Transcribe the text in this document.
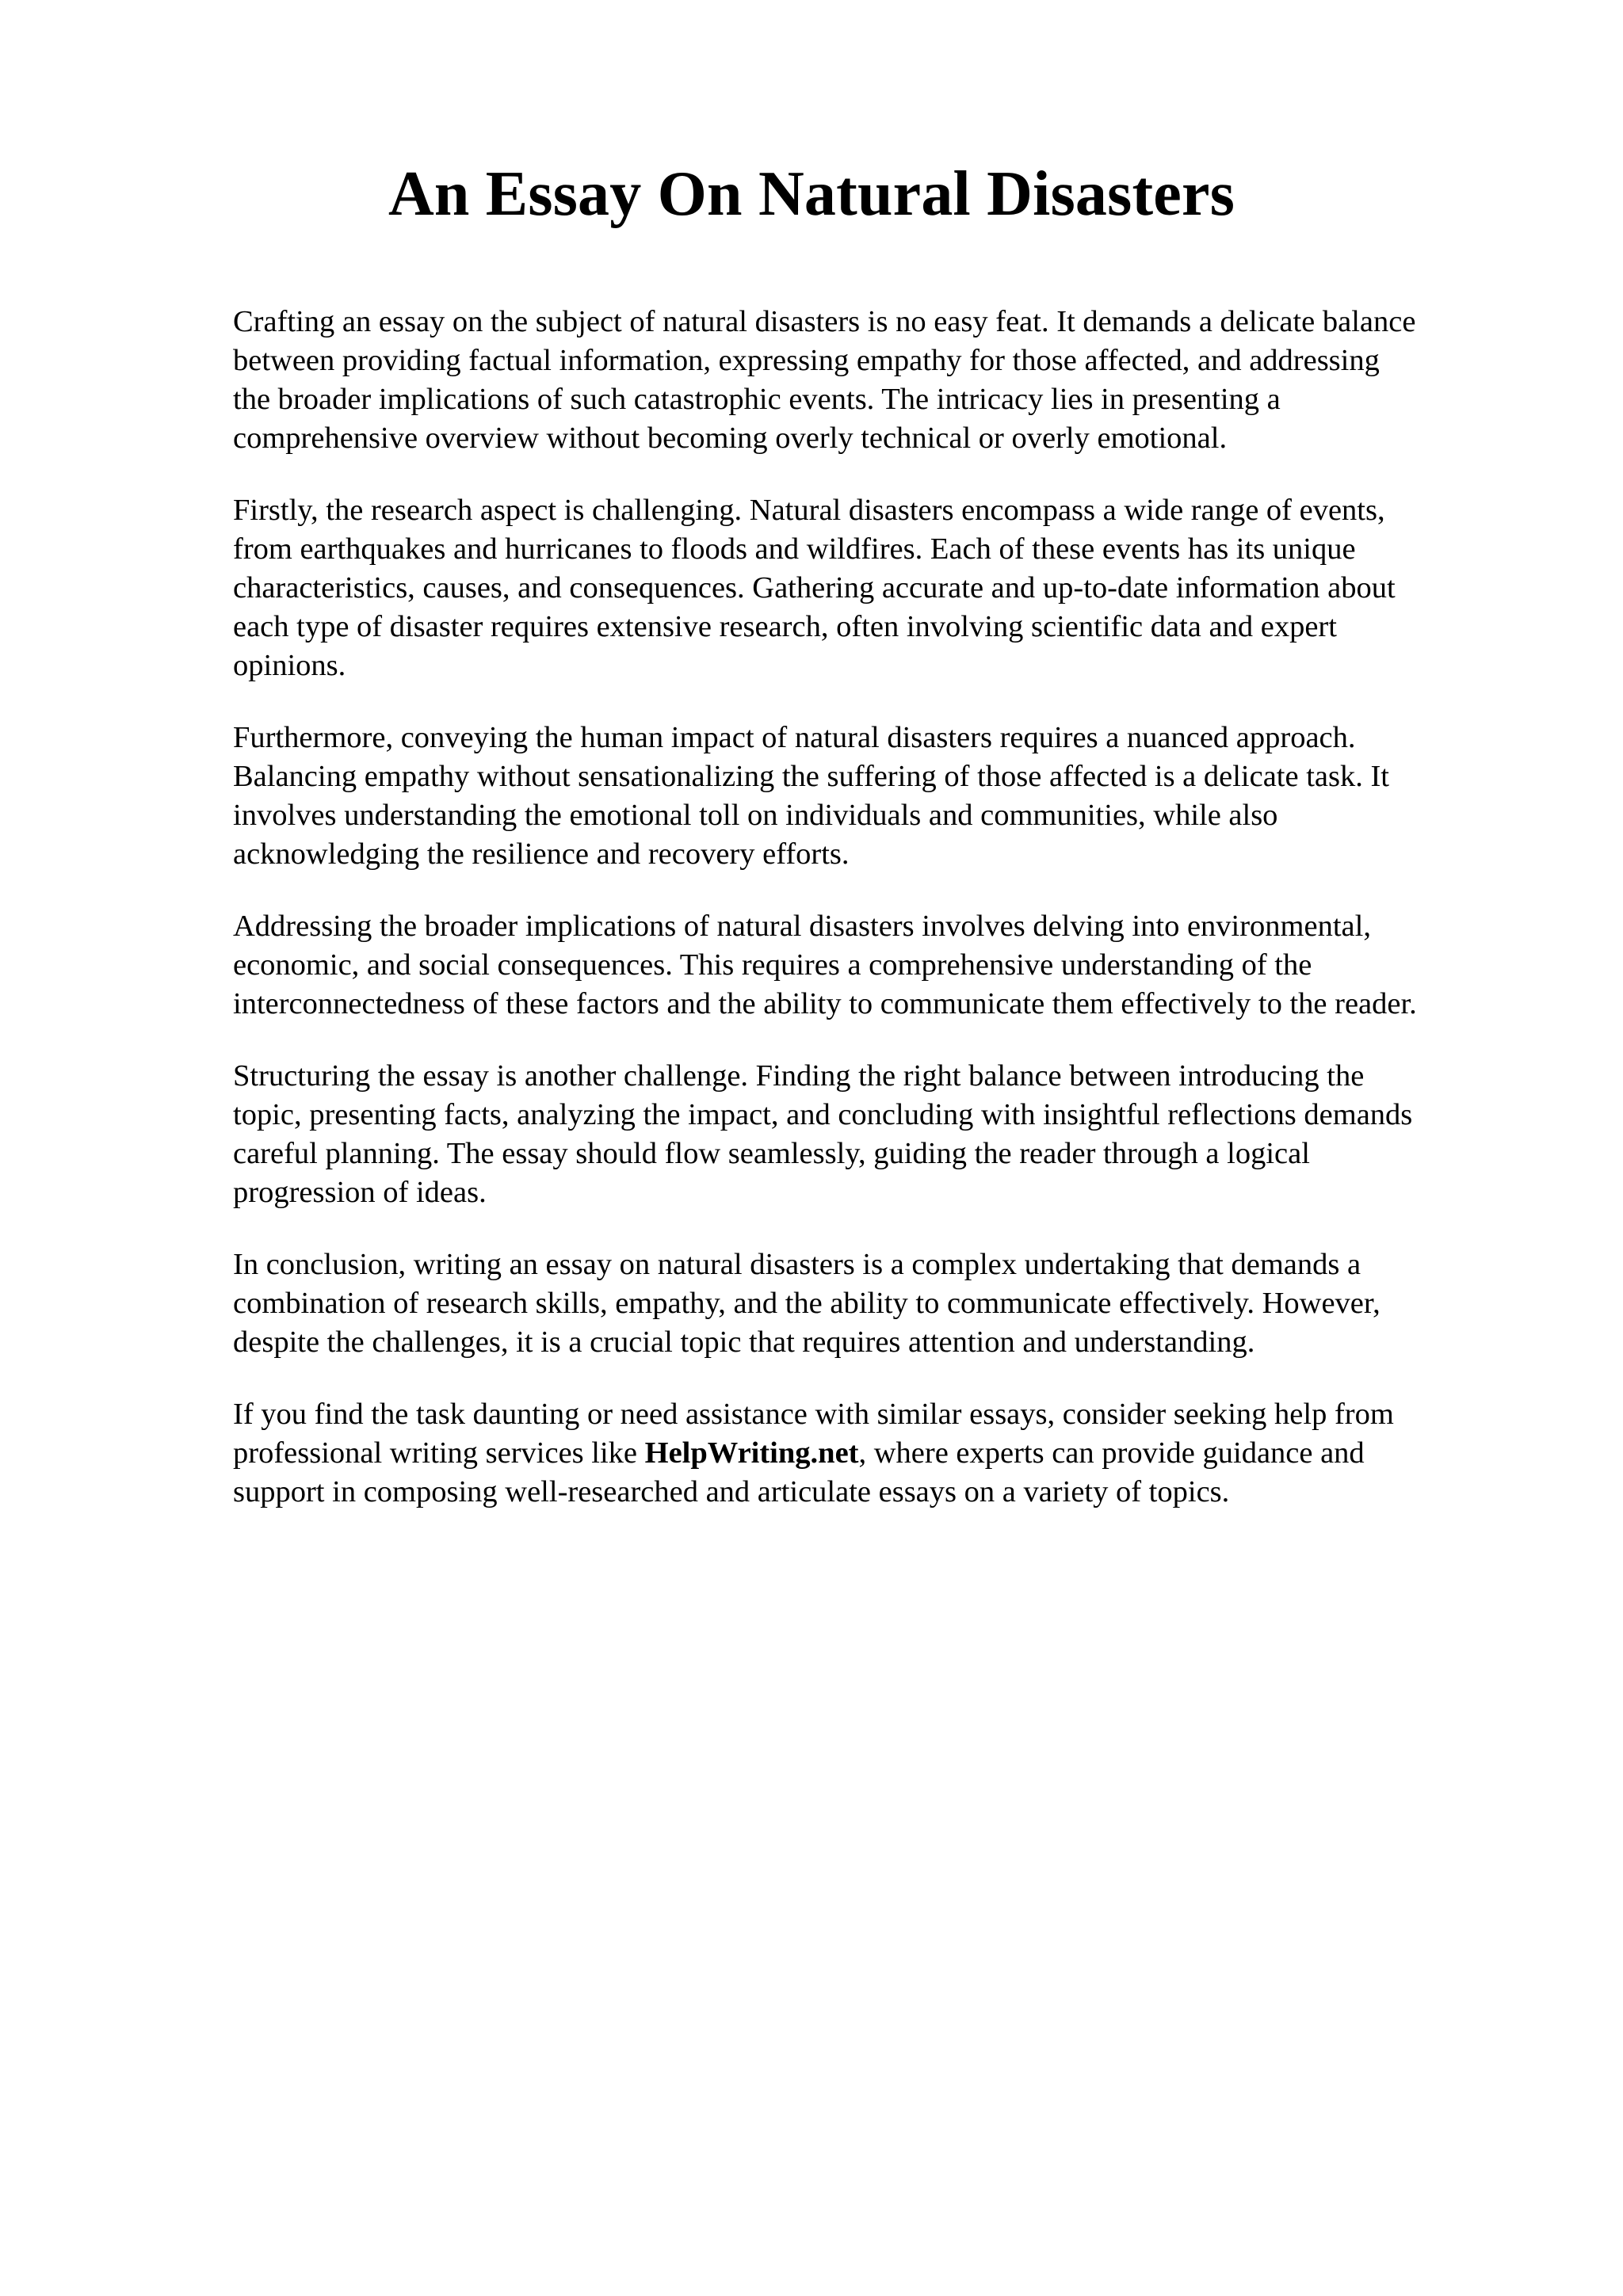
An Essay On Natural Disasters

Crafting an essay on the subject of natural disasters is no easy feat. It demands a delicate balance
between providing factual information, expressing empathy for those affected, and addressing
the broader implications of such catastrophic events. The intricacy lies in presenting a
comprehensive overview without becoming overly technical or overly emotional.

Firstly, the research aspect is challenging. Natural disasters encompass a wide range of events,
from earthquakes and hurricanes to floods and wildfires. Each of these events has its unique
characteristics, causes, and consequences. Gathering accurate and up-to-date information about
each type of disaster requires extensive research, often involving scientific data and expert
opinions.

Furthermore, conveying the human impact of natural disasters requires a nuanced approach.
Balancing empathy without sensationalizing the suffering of those affected is a delicate task. It
involves understanding the emotional toll on individuals and communities, while also
acknowledging the resilience and recovery efforts.

Addressing the broader implications of natural disasters involves delving into environmental,
economic, and social consequences. This requires a comprehensive understanding of the
interconnectedness of these factors and the ability to communicate them effectively to the reader.

Structuring the essay is another challenge. Finding the right balance between introducing the
topic, presenting facts, analyzing the impact, and concluding with insightful reflections demands
careful planning. The essay should flow seamlessly, guiding the reader through a logical
progression of ideas.

In conclusion, writing an essay on natural disasters is a complex undertaking that demands a
combination of research skills, empathy, and the ability to communicate effectively. However,
despite the challenges, it is a crucial topic that requires attention and understanding.

If you find the task daunting or need assistance with similar essays, consider seeking help from
professional writing services like HelpWriting.net, where experts can provide guidance and
support in composing well-researched and articulate essays on a variety of topics.
